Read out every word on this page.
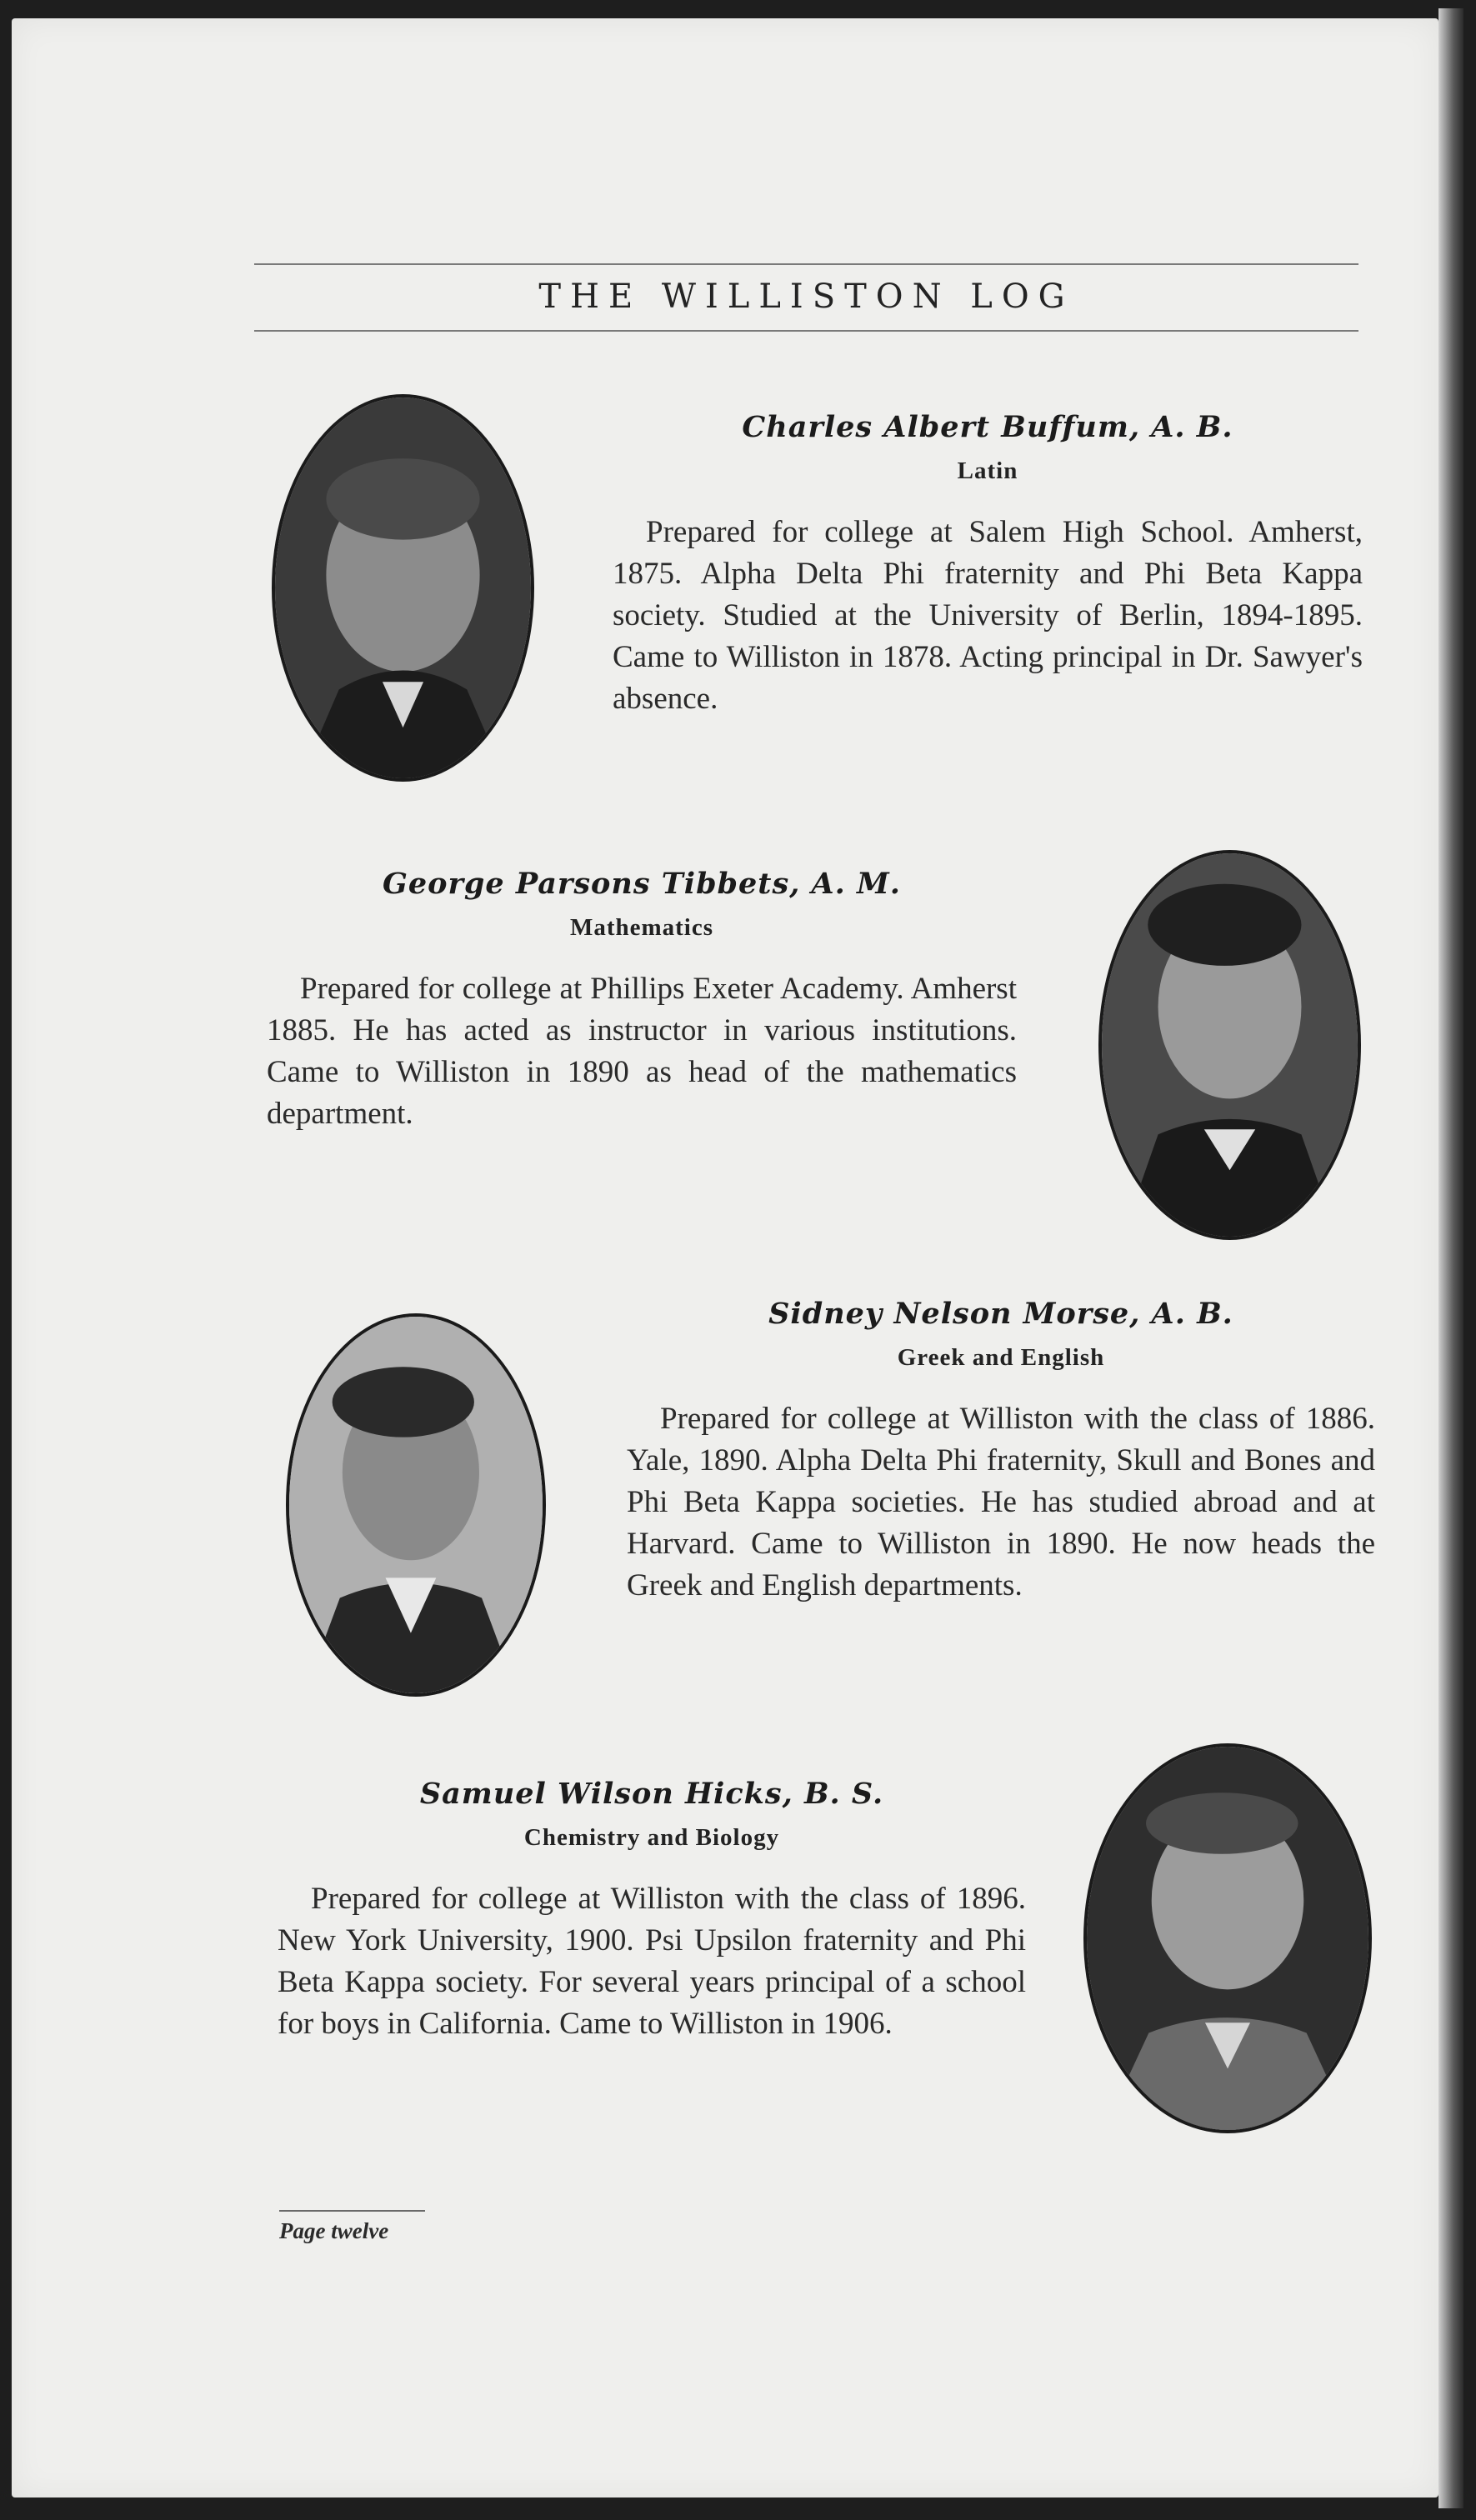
THE WILLISTON LOG
Charles Albert Buffum, A. B.
Latin
Prepared for college at Salem High School. Amherst, 1875. Alpha Delta Phi fraternity and Phi Beta Kappa society. Studied at the University of Berlin, 1894-1895. Came to Williston in 1878. Acting principal in Dr. Sawyer's absence.
George Parsons Tibbets, A. M.
Mathematics
Prepared for college at Phillips Exeter Academy. Amherst 1885. He has acted as instructor in various institutions. Came to Williston in 1890 as head of the mathematics department.
Sidney Nelson Morse, A. B.
Greek and English
Prepared for college at Williston with the class of 1886. Yale, 1890. Alpha Delta Phi fraternity, Skull and Bones and Phi Beta Kappa societies. He has studied abroad and at Harvard. Came to Williston in 1890. He now heads the Greek and English departments.
Samuel Wilson Hicks, B. S.
Chemistry and Biology
Prepared for college at Williston with the class of 1896. New York University, 1900. Psi Upsilon fraternity and Phi Beta Kappa society. For several years principal of a school for boys in California. Came to Williston in 1906.
Page twelve
